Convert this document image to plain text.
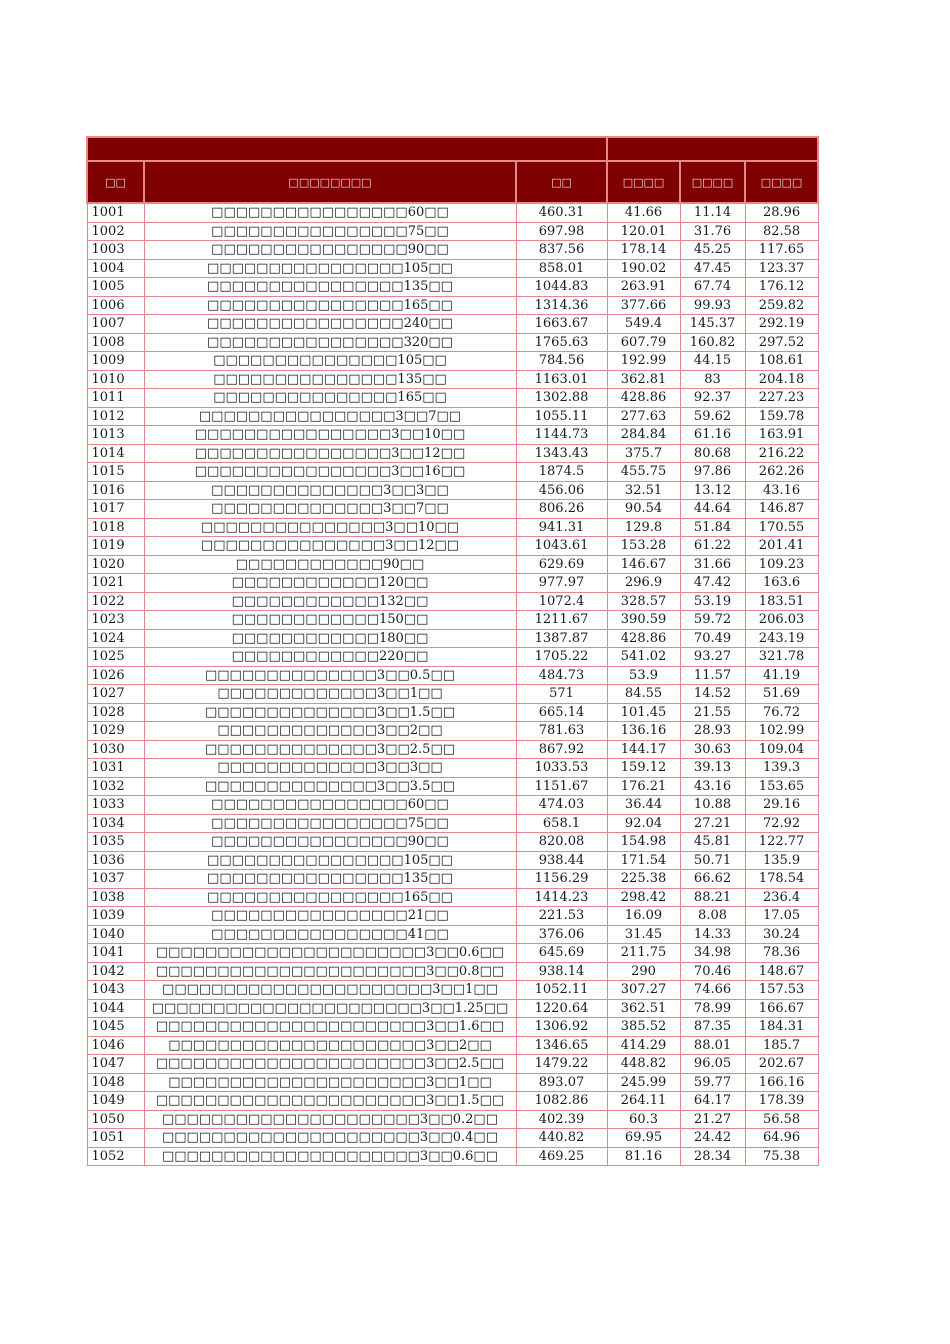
□□	□□□□□□□□	□□	□□□□	□□□□	□□□□
1001	□□□□□□□□□□□□□□□□60□□	460.31	41.66	11.14	28.96
1002	□□□□□□□□□□□□□□□□75□□	697.98	120.01	31.76	82.58
1003	□□□□□□□□□□□□□□□□90□□	837.56	178.14	45.25	117.65
1004	□□□□□□□□□□□□□□□□105□□	858.01	190.02	47.45	123.37
1005	□□□□□□□□□□□□□□□□135□□	1044.83	263.91	67.74	176.12
1006	□□□□□□□□□□□□□□□□165□□	1314.36	377.66	99.93	259.82
1007	□□□□□□□□□□□□□□□□240□□	1663.67	549.4	145.37	292.19
1008	□□□□□□□□□□□□□□□□320□□	1765.63	607.79	160.82	297.52
1009	□□□□□□□□□□□□□□□105□□	784.56	192.99	44.15	108.61
1010	□□□□□□□□□□□□□□□135□□	1163.01	362.81	83	204.18
1011	□□□□□□□□□□□□□□□165□□	1302.88	428.86	92.37	227.23
1012	□□□□□□□□□□□□□□□□3□□7□□	1055.11	277.63	59.62	159.78
1013	□□□□□□□□□□□□□□□□3□□10□□	1144.73	284.84	61.16	163.91
1014	□□□□□□□□□□□□□□□□3□□12□□	1343.43	375.7	80.68	216.22
1015	□□□□□□□□□□□□□□□□3□□16□□	1874.5	455.75	97.86	262.26
1016	□□□□□□□□□□□□□□3□□3□□	456.06	32.51	13.12	43.16
1017	□□□□□□□□□□□□□□3□□7□□	806.26	90.54	44.64	146.87
1018	□□□□□□□□□□□□□□□3□□10□□	941.31	129.8	51.84	170.55
1019	□□□□□□□□□□□□□□□3□□12□□	1043.61	153.28	61.22	201.41
1020	□□□□□□□□□□□□90□□	629.69	146.67	31.66	109.23
1021	□□□□□□□□□□□□120□□	977.97	296.9	47.42	163.6
1022	□□□□□□□□□□□□132□□	1072.4	328.57	53.19	183.51
1023	□□□□□□□□□□□□150□□	1211.67	390.59	59.72	206.03
1024	□□□□□□□□□□□□180□□	1387.87	428.86	70.49	243.19
1025	□□□□□□□□□□□□220□□	1705.22	541.02	93.27	321.78
1026	□□□□□□□□□□□□□□3□□0.5□□	484.73	53.9	11.57	41.19
1027	□□□□□□□□□□□□□3□□1□□	571	84.55	14.52	51.69
1028	□□□□□□□□□□□□□□3□□1.5□□	665.14	101.45	21.55	76.72
1029	□□□□□□□□□□□□□3□□2□□	781.63	136.16	28.93	102.99
1030	□□□□□□□□□□□□□□3□□2.5□□	867.92	144.17	30.63	109.04
1031	□□□□□□□□□□□□□3□□3□□	1033.53	159.12	39.13	139.3
1032	□□□□□□□□□□□□□□3□□3.5□□	1151.67	176.21	43.16	153.65
1033	□□□□□□□□□□□□□□□□60□□	474.03	36.44	10.88	29.16
1034	□□□□□□□□□□□□□□□□75□□	658.1	92.04	27.21	72.92
1035	□□□□□□□□□□□□□□□□90□□	820.08	154.98	45.81	122.77
1036	□□□□□□□□□□□□□□□□105□□	938.44	171.54	50.71	135.9
1037	□□□□□□□□□□□□□□□□135□□	1156.29	225.38	66.62	178.54
1038	□□□□□□□□□□□□□□□□165□□	1414.23	298.42	88.21	236.4
1039	□□□□□□□□□□□□□□□□21□□	221.53	16.09	8.08	17.05
1040	□□□□□□□□□□□□□□□□41□□	376.06	31.45	14.33	30.24
1041	□□□□□□□□□□□□□□□□□□□□□□3□□0.6□□	645.69	211.75	34.98	78.36
1042	□□□□□□□□□□□□□□□□□□□□□□3□□0.8□□	938.14	290	70.46	148.67
1043	□□□□□□□□□□□□□□□□□□□□□□3□□1□□	1052.11	307.27	74.66	157.53
1044	□□□□□□□□□□□□□□□□□□□□□□3□□1.25□□	1220.64	362.51	78.99	166.67
1045	□□□□□□□□□□□□□□□□□□□□□□3□□1.6□□	1306.92	385.52	87.35	184.31
1046	□□□□□□□□□□□□□□□□□□□□□3□□2□□	1346.65	414.29	88.01	185.7
1047	□□□□□□□□□□□□□□□□□□□□□□3□□2.5□□	1479.22	448.82	96.05	202.67
1048	□□□□□□□□□□□□□□□□□□□□□3□□1□□	893.07	245.99	59.77	166.16
1049	□□□□□□□□□□□□□□□□□□□□□□3□□1.5□□	1082.86	264.11	64.17	178.39
1050	□□□□□□□□□□□□□□□□□□□□□3□□0.2□□	402.39	60.3	21.27	56.58
1051	□□□□□□□□□□□□□□□□□□□□□3□□0.4□□	440.82	69.95	24.42	64.96
1052	□□□□□□□□□□□□□□□□□□□□□3□□0.6□□	469.25	81.16	28.34	75.38
